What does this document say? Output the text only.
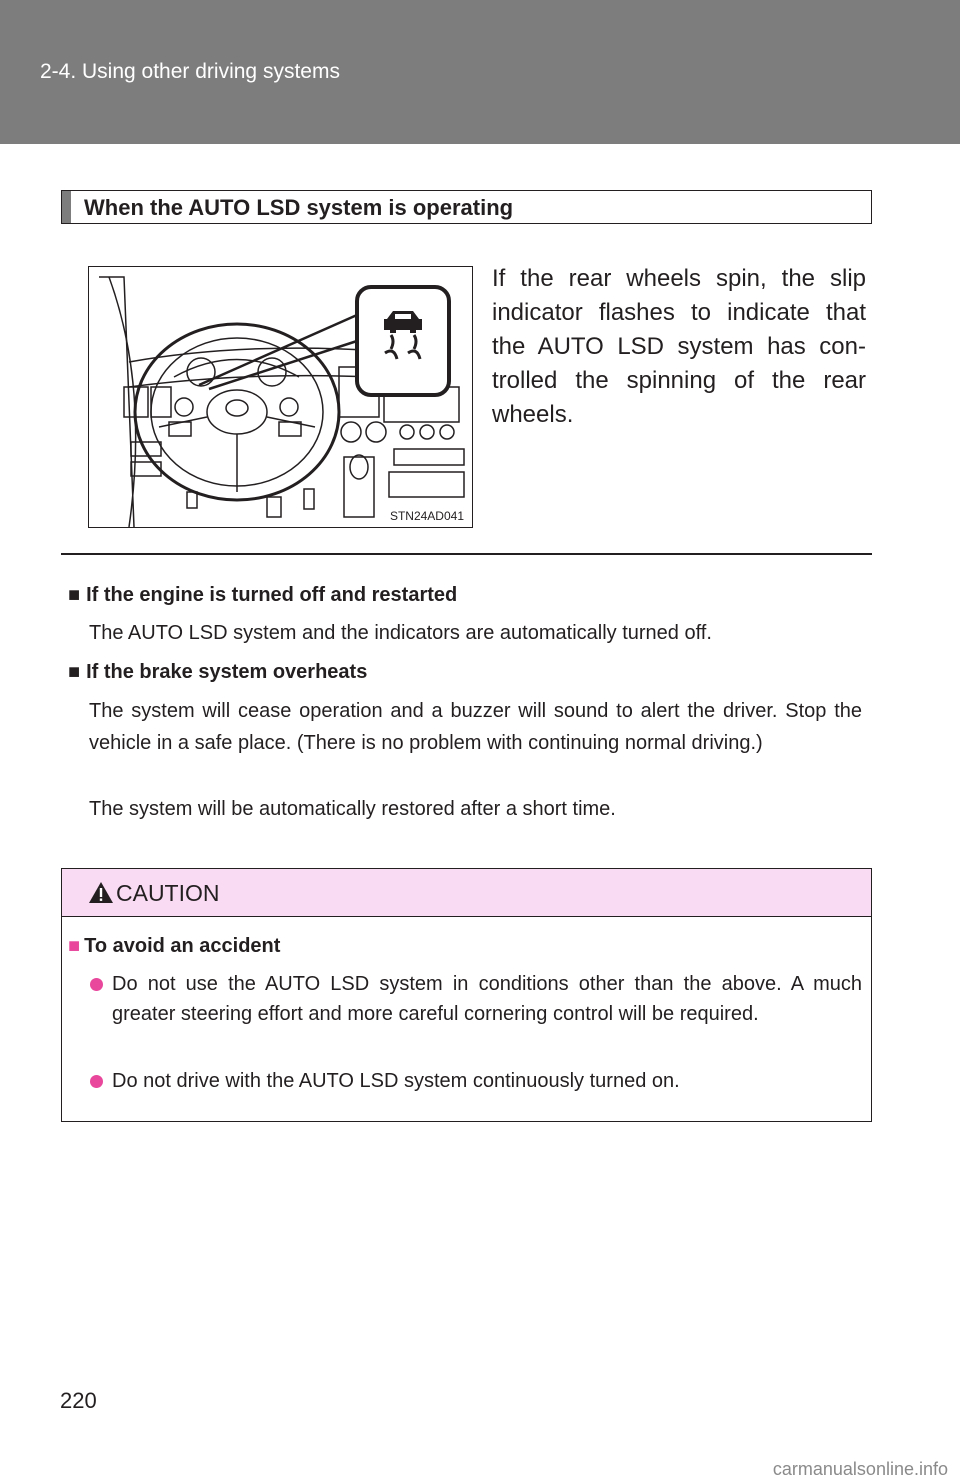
2-4. Using other driving systems
When the AUTO LSD system is operating
STN24AD041
If the rear wheels spin, the slip indicator flashes to indicate that the AUTO LSD system has con-trolled the spinning of the rear wheels.
■ If the engine is turned off and restarted
The AUTO LSD system and the indicators are automatically turned off.
■ If the brake system overheats
The system will cease operation and a buzzer will sound to alert the driver. Stop the vehicle in a safe place. (There is no problem with continuing normal driving.)
The system will be automatically restored after a short time.
CAUTION
■ To avoid an accident
Do not use the AUTO LSD system in conditions other than the above. A much greater steering effort and more careful cornering control will be required.
Do not drive with the AUTO LSD system continuously turned on.
220
carmanualsonline.info
